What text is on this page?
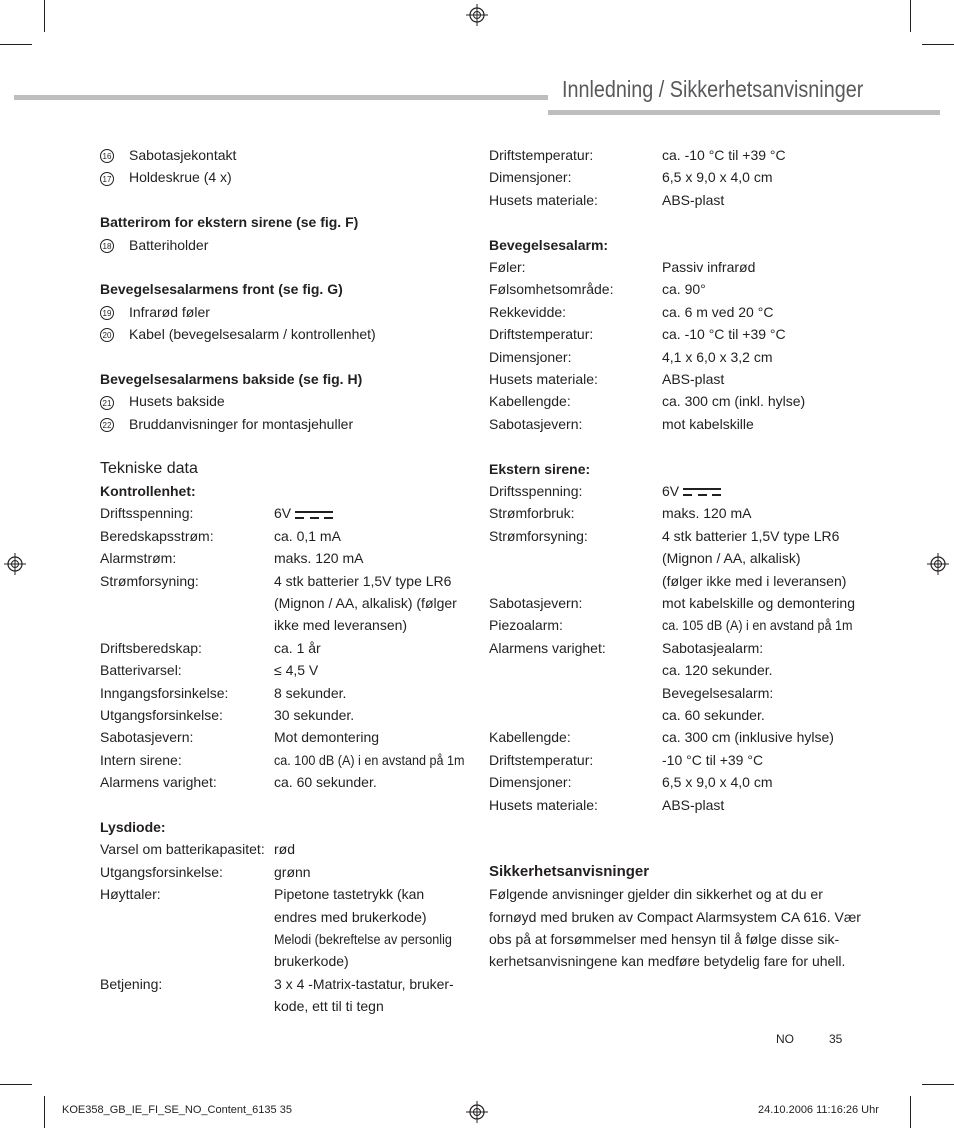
Innledning / Sikkerhetsanvisninger
16 Sabotasjekontakt
17 Holdeskrue (4 x)
Batterirom for ekstern sirene (se fig. F)
18 Batteriholder
Bevegelsesalarmens front (se fig. G)
19 Infrarød føler
20 Kabel (bevegelsesalarm / kontrollenhet)
Bevegelsesalarmens bakside (se fig. H)
21 Husets bakside
22 Bruddanvisninger for montasjehuller
Tekniske data
Kontrollenhet:
Driftsspenning:	6V
Beredskapsstrøm:	ca. 0,1 mA
Alarmstrøm:	maks. 120 mA
Strømforsyning:	4 stk batterier 1,5V type LR6
(Mignon / AA, alkalisk) (følger
ikke med leveransen)
Driftsberedskap:	ca. 1 år
Batterivarsel:	≤ 4,5 V
Inngangsforsinkelse:	8 sekunder.
Utgangsforsinkelse:	30 sekunder.
Sabotasjevern:	Mot demontering
Intern sirene:	ca. 100 dB (A) i en avstand på 1m
Alarmens varighet:	ca. 60 sekunder.
Lysdiode:
Varsel om batterikapasitet: rød
Utgangsforsinkelse:	grønn
Høyttaler:	Pipetone tastetrykk (kan
endres med brukerkode)
Melodi (bekreftelse av personlig
brukerkode)
Betjening:	3 x 4 -Matrix-tastatur, bruker-
kode, ett til ti tegn
Driftstemperatur:	ca. -10 °C til +39 °C
Dimensjoner:	6,5 x 9,0 x 4,0 cm
Husets materiale:	ABS-plast
Bevegelsesalarm:
Føler:	Passiv infrarød
Følsomhetsområde:	ca. 90°
Rekkevidde:	ca. 6 m ved 20 °C
Driftstemperatur:	ca. -10 °C til +39 °C
Dimensjoner:	4,1 x 6,0 x 3,2 cm
Husets materiale:	ABS-plast
Kabellengde:	ca. 300 cm (inkl. hylse)
Sabotasjevern:	mot kabelskille
Ekstern sirene:
Driftsspenning:	6V
Strømforbruk:	maks. 120 mA
Strømforsyning:	4 stk batterier 1,5V type LR6
(Mignon / AA, alkalisk)
(følger ikke med i leveransen)
Sabotasjevern:	mot kabelskille og demontering
Piezoalarm:	ca. 105 dB (A) i en avstand på 1m
Alarmens varighet:	Sabotasjealarm:
ca. 120 sekunder.
Bevegelsesalarm:
ca. 60 sekunder.
Kabellengde:	ca. 300 cm (inklusive hylse)
Driftstemperatur:	-10 °C til +39 °C
Dimensjoner:	6,5 x 9,0 x 4,0 cm
Husets materiale:	ABS-plast
Sikkerhetsanvisninger
Følgende anvisninger gjelder din sikkerhet og at du er
fornøyd med bruken av Compact Alarmsystem CA 616. Vær
obs på at forsømmelser med hensyn til å følge disse sik-
kerhetsanvisningene kan medføre betydelig fare for uhell.
NO	35
KOE358_GB_IE_FI_SE_NO_Content_6135 35	24.10.2006 11:16:26 Uhr
